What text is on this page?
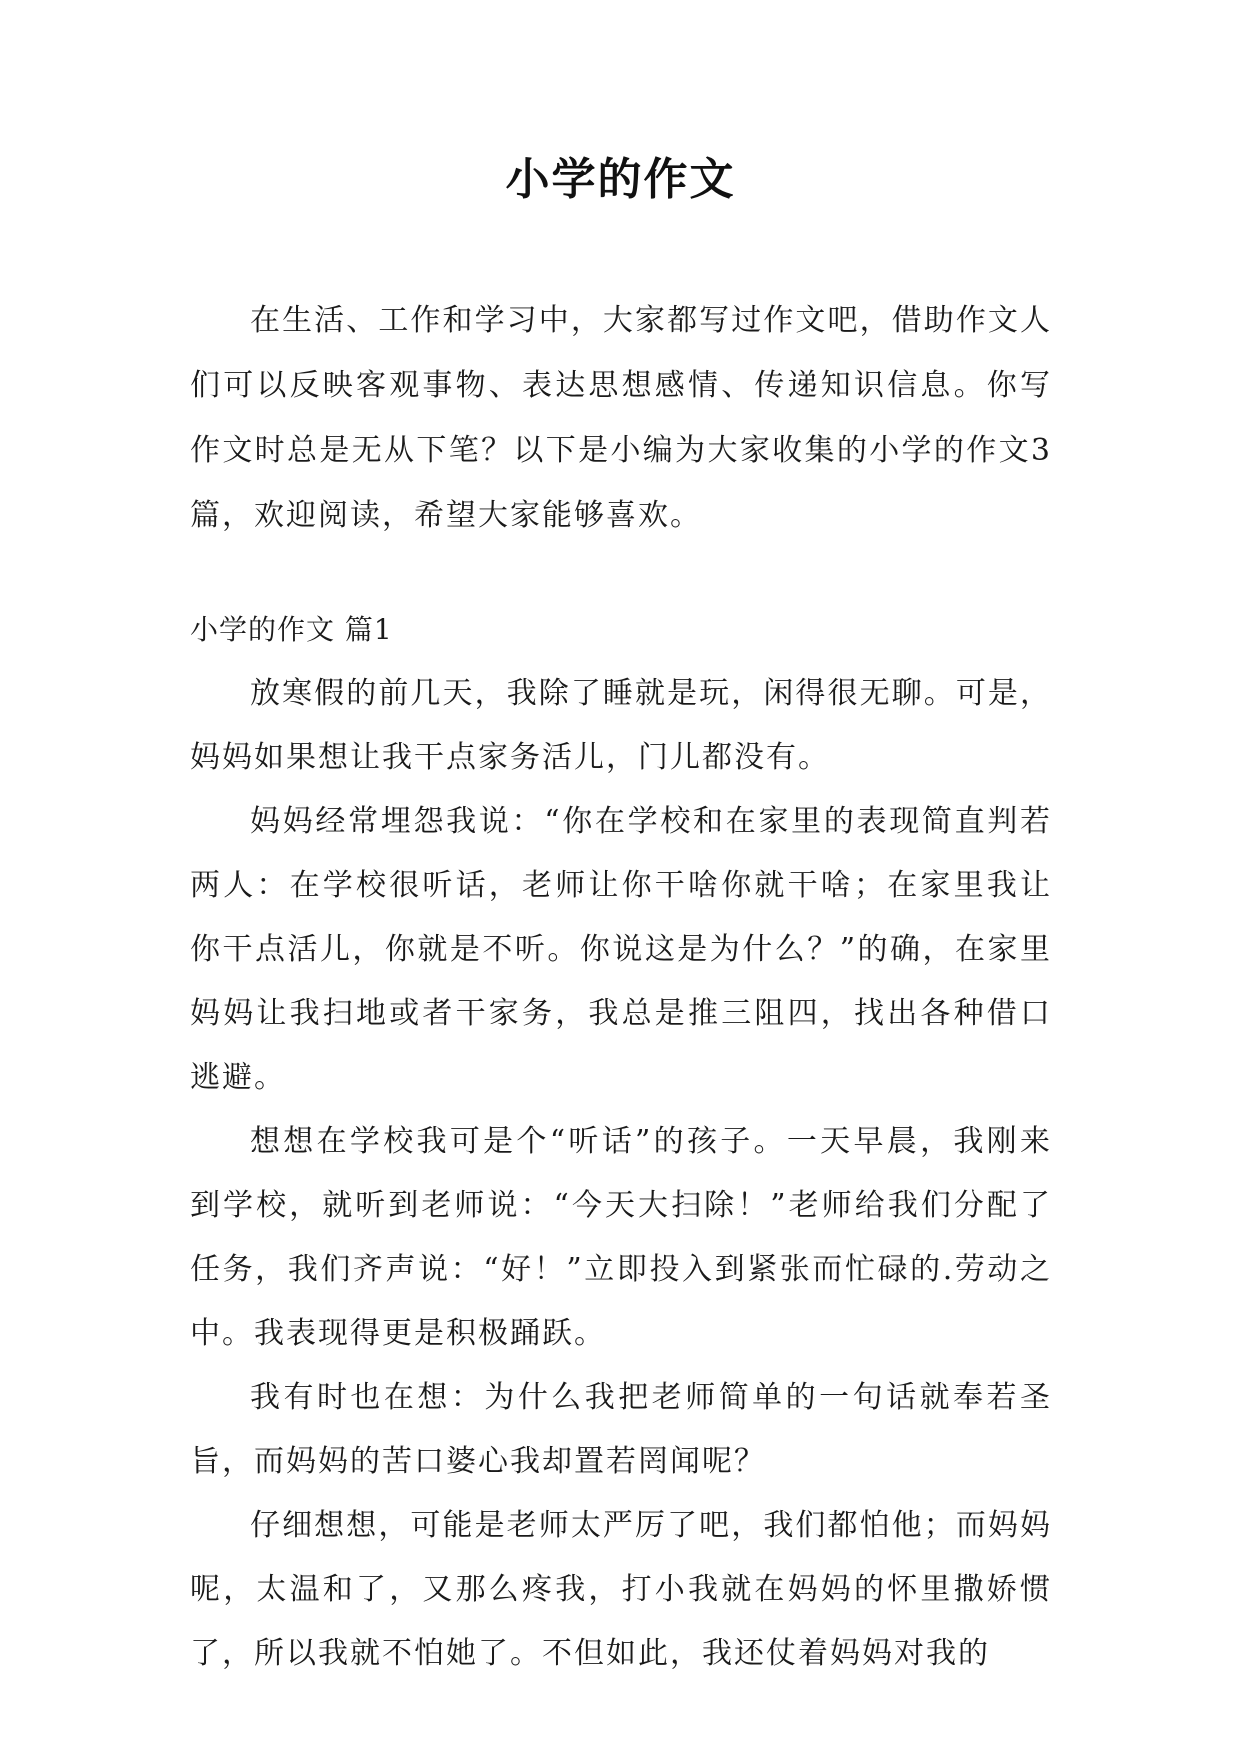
小学的作文

在生活、工作和学习中，大家都写过作文吧，借助作文人们可以反映客观事物、表达思想感情、传递知识信息。你写作文时总是无从下笔？以下是小编为大家收集的小学的作文3篇，欢迎阅读，希望大家能够喜欢。

小学的作文 篇1

放寒假的前几天，我除了睡就是玩，闲得很无聊。可是，妈妈如果想让我干点家务活儿，门儿都没有。

妈妈经常埋怨我说：“你在学校和在家里的表现简直判若两人：在学校很听话，老师让你干啥你就干啥；在家里我让你干点活儿，你就是不听。你说这是为什么？”的确，在家里妈妈让我扫地或者干家务，我总是推三阻四，找出各种借口逃避。

想想在学校我可是个“听话”的孩子。一天早晨，我刚来到学校，就听到老师说：“今天大扫除！”老师给我们分配了任务，我们齐声说：“好！”立即投入到紧张而忙碌的.劳动之中。我表现得更是积极踊跃。

我有时也在想：为什么我把老师简单的一句话就奉若圣旨，而妈妈的苦口婆心我却置若罔闻呢？

仔细想想，可能是老师太严厉了吧，我们都怕他；而妈妈呢，太温和了，又那么疼我，打小我就在妈妈的怀里撒娇惯了，所以我就不怕她了。不但如此，我还仗着妈妈对我的
